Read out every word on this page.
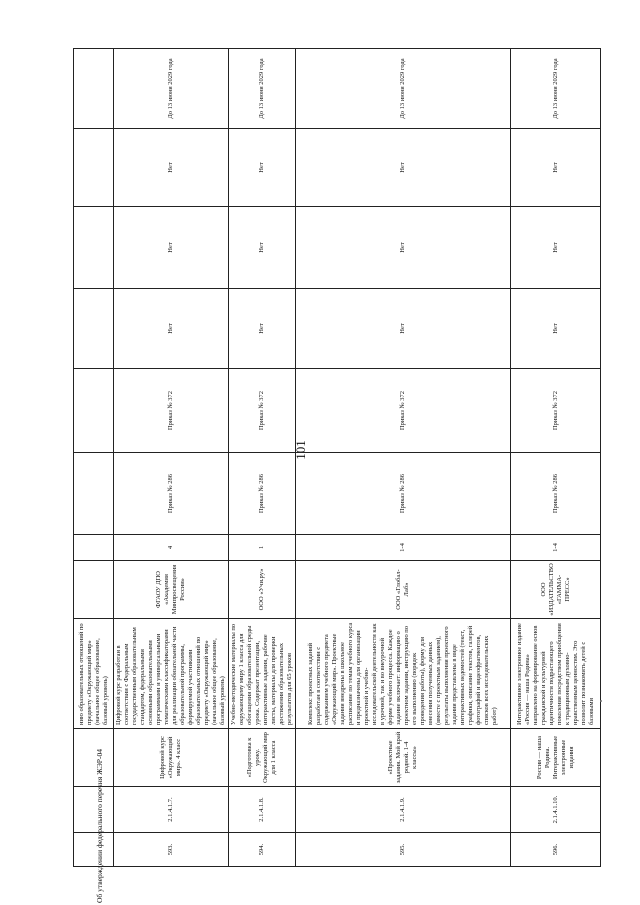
101
Об утверждении федерального перечня ЖЭР-04
			нию образовательных отношений по предмету «Окружающий мир» (начальное общее образование, базовый уровень)								
593.	2.1.4.1.7.	Цифровой курс «Окружающий мир». 4 класс	Цифровой курс разработан в соответствии с Федеральным государственным образовательным стандартом, федеральными основными образовательными программами и универсальными тематическими классификаторами для реализации обязательной части образовательной программы, формируемой участниками образовательных отношений по предмету «Окружающий мир» (начальное общее образование, базовый уровень)	ФГАОУ ДПО «Академия Минпросвещения России»	4	Приказ № 286	Приказ № 372	Нет	Нет	Нет	До 13 июня 2029 года
594.	2.1.4.1.8.	«Подготовка к уроку. Окружающий мир для 1 класса	Учебно-методические материалы по окружающему миру 1 класса для обогащения образовательной среды урока. Содержат презентации, интерактивные задания, рабочие листы, материалы для проверки достижения образовательных результатов для 65 уроков	ООО «Учи.ру»	1	Приказ № 286	Приказ № 372	Нет	Нет	Нет	До 13 июня 2029 года
595.	2.1.4.1.9.	«Проектные задания. Мой край родной. 1-4 классы»	Комплекс проектных заданий разработан в соответствии с содержанием учебного предмета «Окружающий мир». Проектные задания внедрены в школьное расписание по темам учебного курса и предназначены для организации проектной и учебно-исследовательской деятельности как в урочной, так и во внеурочной форме учебного процесса. Каждое задание включает: информацию о проектном задании, инструкцию по его выполнению (порядок проведения работы), форму для внесения полученных данных (вместе с проектным заданием), результаты выполнения проектного задания представлены в виде интерактивных ведомостей (текст, графики, описание текстов, галерей фотографий и видеофрагментов, списков всех исследовательских работ)	ООО «Глобал-Лаб»	1-4	Приказ № 286	Приказ № 372	Нет	Нет	Нет	До 13 июня 2029 года
596.	2.1.4.1.10.	Россия — наша Родина. Интерактивные электронные издания	Интерактивное электронное издание «Россия — наша Родина» направлено на формирование основ гражданской и культурной идентичности подрастающего поколения посредством приобщения к традиционным духовно-нравственным ценностям. Это позволит познакомить детей с базовыми	ООО «ИЗДАТЕЛЬСТВО «ГАММА-ПРЕСС»	1-4	Приказ № 286	Приказ № 372	Нет	Нет	Нет	До 13 июня 2029 года
